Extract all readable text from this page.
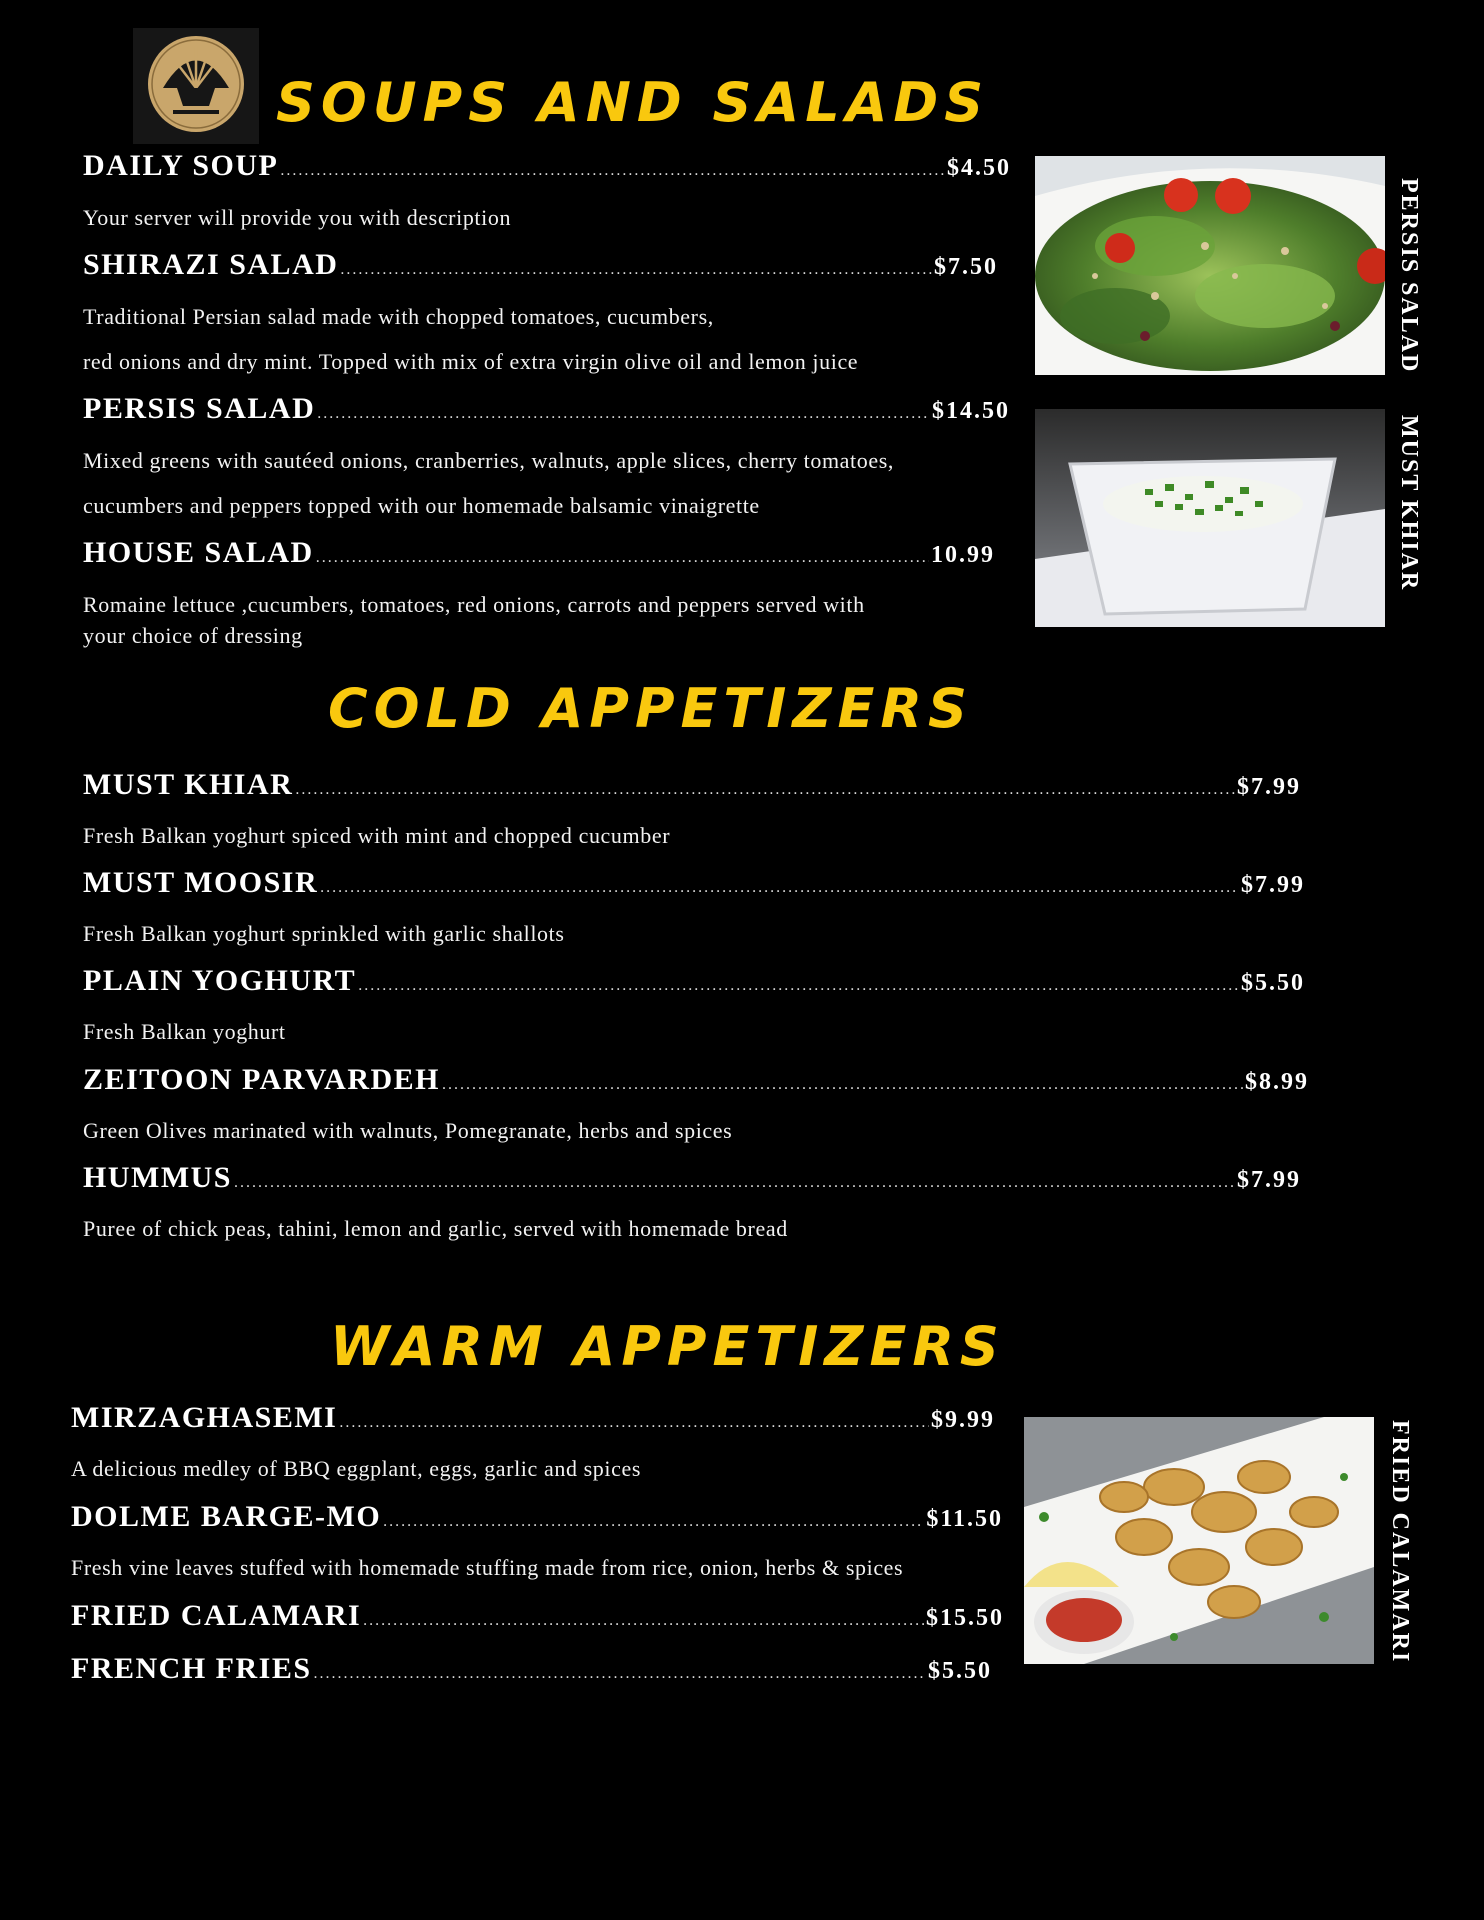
SOUPS AND SALADS
DAILY SOUP .....	$4.50
Your server will provide you with description
SHIRAZI SALAD .....	$7.50
Traditional Persian salad made with chopped tomatoes, cucumbers,
red onions and dry mint. Topped with mix of extra virgin olive oil and lemon juice
PERSIS SALAD .....	$14.50
Mixed greens with sautéed onions, cranberries, walnuts, apple slices, cherry tomatoes,
cucumbers and peppers topped with our homemade balsamic vinaigrette
HOUSE SALAD .....	10.99
Romaine lettuce ,cucumbers, tomatoes, red onions, carrots and peppers served with
your choice of dressing
PERSIS SALAD
MUST KHIAR
COLD APPETIZERS
MUST KHIAR .....	$7.99
Fresh Balkan yoghurt spiced with mint and chopped cucumber
MUST MOOSIR .....	$7.99
Fresh Balkan yoghurt sprinkled with garlic shallots
PLAIN YOGHURT .....	$5.50
Fresh Balkan yoghurt
ZEITOON PARVARDEH .....	$8.99
Green Olives marinated with walnuts, Pomegranate, herbs and spices
HUMMUS .....	$7.99
Puree of chick peas, tahini, lemon and garlic, served with homemade bread
WARM APPETIZERS
MIRZAGHASEMI .....	$9.99
A delicious medley of BBQ eggplant, eggs, garlic and spices
DOLME BARGE-MO .....	$11.50
Fresh vine leaves stuffed with homemade stuffing made from rice, onion, herbs & spices
FRIED CALAMARI .....	$15.50
FRENCH FRIES .....	$5.50
FRIED CALAMARI
